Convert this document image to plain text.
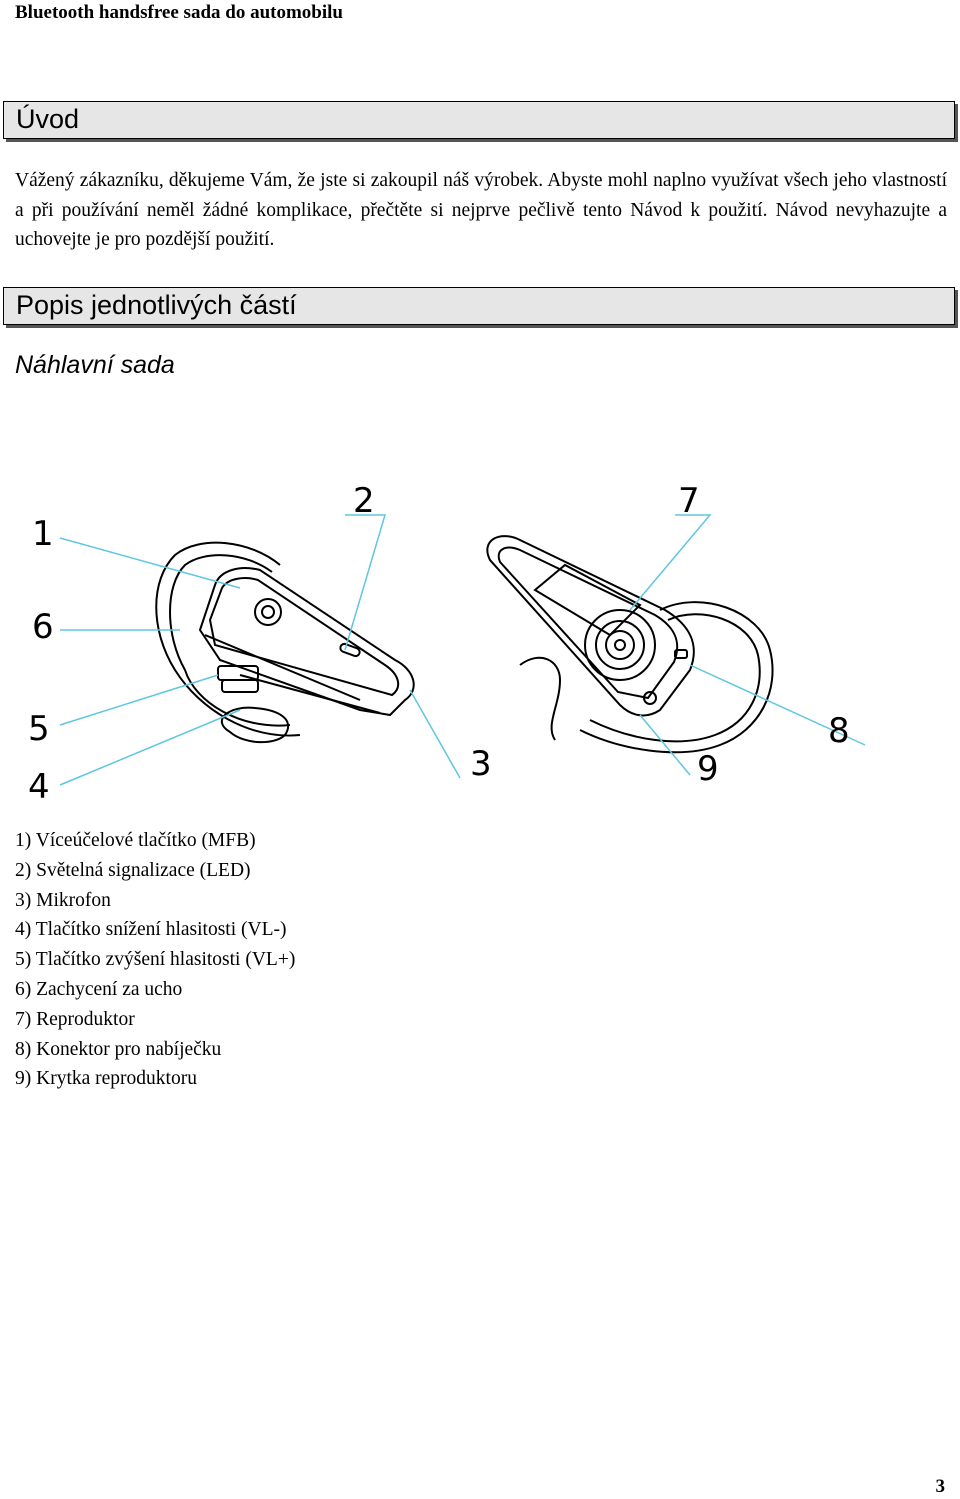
Bluetooth handsfree sada do automobilu
Úvod

Vážený zákazníku, děkujeme Vám, že jste si zakoupil náš výrobek. Abyste mohl naplno využívat všech jeho vlastností a při používání neměl žádné komplikace, přečtěte si nejprve pečlivě tento Návod k použití. Návod nevyhazujte a uchovejte je pro pozdější použití.

Popis jednotlivých částí
Náhlavní sada
1
2
3
4
5
6
7
8
9
1) Víceúčelové tlačítko (MFB)
2) Světelná signalizace (LED)
3) Mikrofon
4) Tlačítko snížení hlasitosti (VL-)
5) Tlačítko zvýšení hlasitosti (VL+)
6) Zachycení za ucho
7) Reproduktor
8) Konektor pro nabíječku
9) Krytka reproduktoru
3
